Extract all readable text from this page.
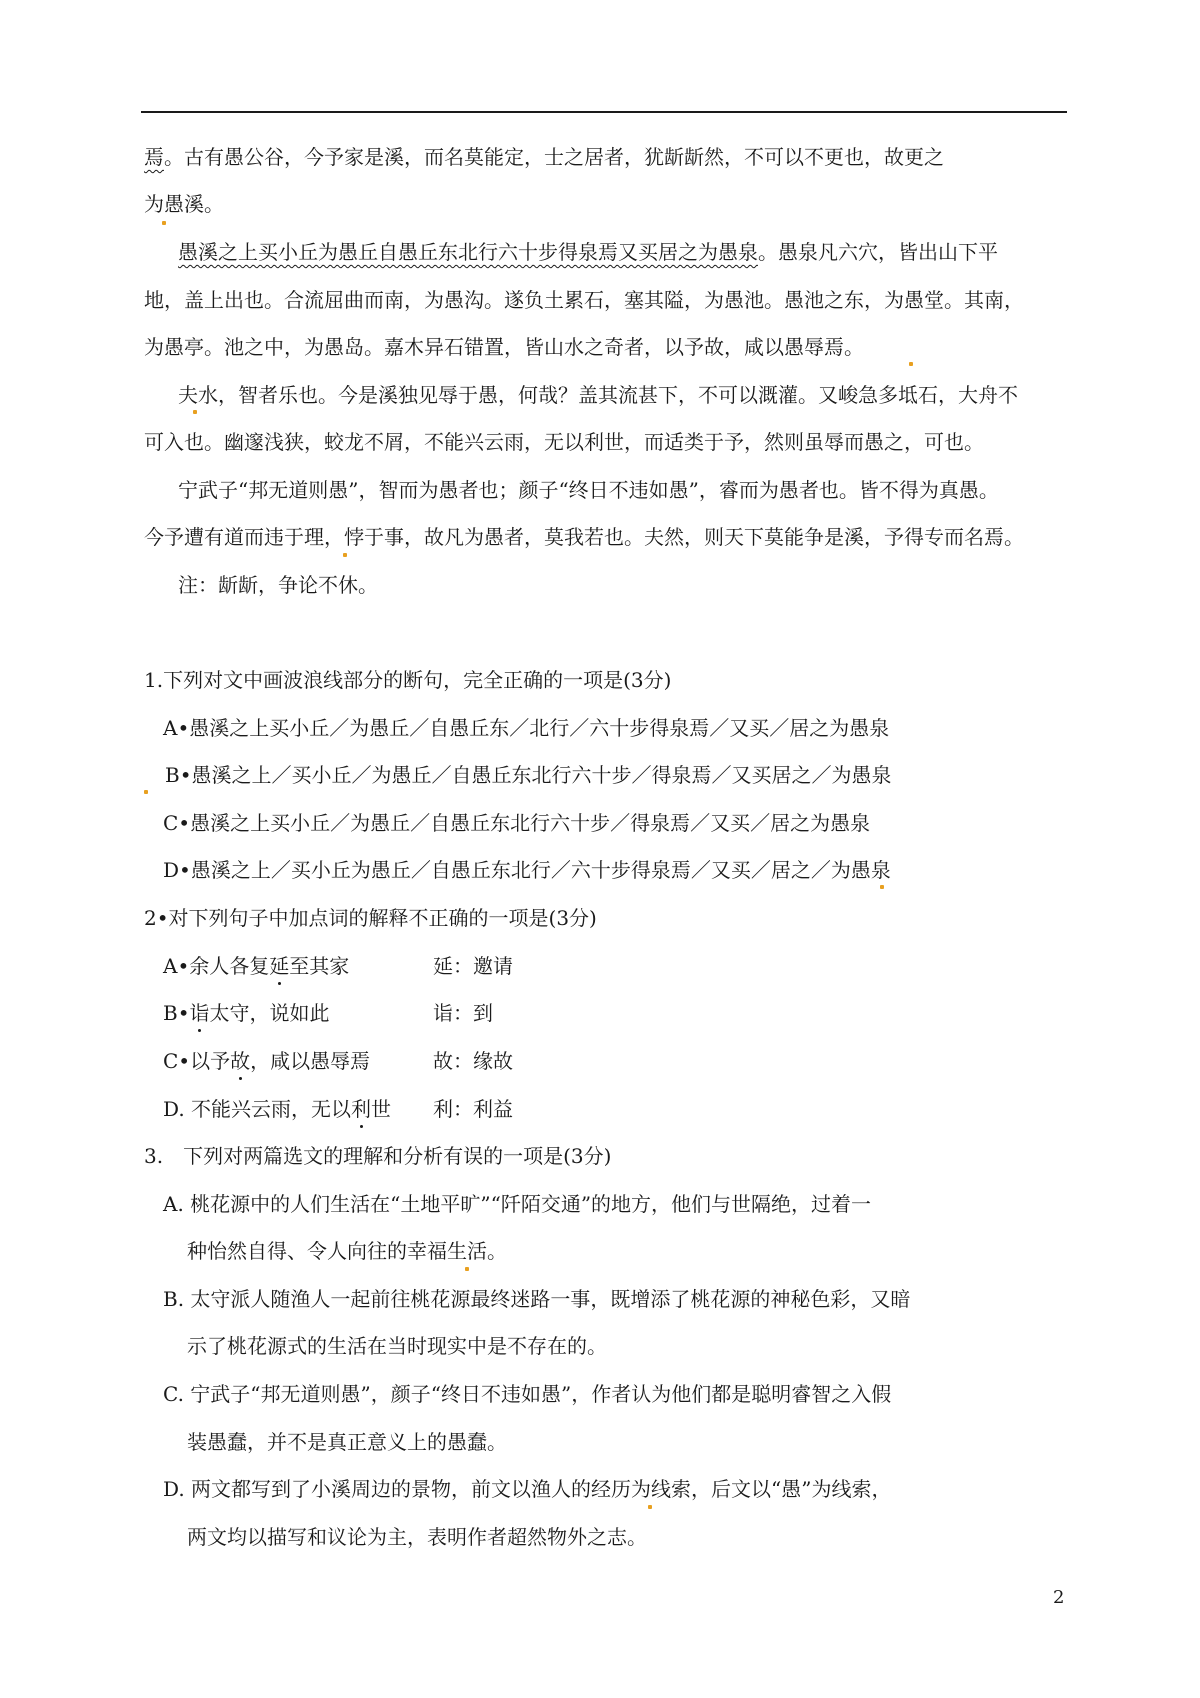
焉。古有愚公谷，今予家是溪，而名莫能定，士之居者，犹龂龂然，不可以不更也，故更之
为愚溪。
愚溪之上买小丘为愚丘自愚丘东北行六十步得泉焉又买居之为愚泉。愚泉凡六穴，皆出山下平
地，盖上出也。合流屈曲而南，为愚沟。遂负土累石，塞其隘，为愚池。愚池之东，为愚堂。其南，
为愚亭。池之中，为愚岛。嘉木异石错置，皆山水之奇者，以予故，咸以愚辱焉。
夫水，智者乐也。今是溪独见辱于愚，何哉？盖其流甚下，不可以溉灌。又峻急多坻石，大舟不
可入也。幽邃浅狭，蛟龙不屑，不能兴云雨，无以利世，而适类于予，然则虽辱而愚之，可也。
宁武子“邦无道则愚”，智而为愚者也；颜子“终日不违如愚”，睿而为愚者也。皆不得为真愚。
今予遭有道而违于理，悖于事，故凡为愚者，莫我若也。夫然，则天下莫能争是溪，予得专而名焉。
注：龂龂，争论不休。
1.下列对文中画波浪线部分的断句，完全正确的一项是(3分)
A•愚溪之上买小丘／为愚丘／自愚丘东／北行／六十步得泉焉／又买／居之为愚泉
B•愚溪之上／买小丘／为愚丘／自愚丘东北行六十步／得泉焉／又买居之／为愚泉
C•愚溪之上买小丘／为愚丘／自愚丘东北行六十步／得泉焉／又买／居之为愚泉
D•愚溪之上／买小丘为愚丘／自愚丘东北行／六十步得泉焉／又买／居之／为愚泉
2•对下列句子中加点词的解释不正确的一项是(3分)
A•余人各复延至其家	延：邀请
B•诣太守，说如此	诣：到
C•以予故，咸以愚辱焉	故：缘故
D. 不能兴云雨，无以利世 利：利益
3.　下列对两篇选文的理解和分析有误的一项是(3分)
A. 桃花源中的人们生活在“土地平旷”“阡陌交通”的地方，他们与世隔绝，过着一
种怡然自得、令人向往的幸福生活。
B. 太守派人随渔人一起前往桃花源最终迷路一事，既增添了桃花源的神秘色彩，又暗
示了桃花源式的生活在当时现实中是不存在的。
C. 宁武子“邦无道则愚”，颜子“终日不违如愚”，作者认为他们都是聪明睿智之入假
装愚蠢，并不是真正意义上的愚蠢。
D. 两文都写到了小溪周边的景物，前文以渔人的经历为线索，后文以“愚”为线索，
两文均以描写和议论为主，表明作者超然物外之志。
2
